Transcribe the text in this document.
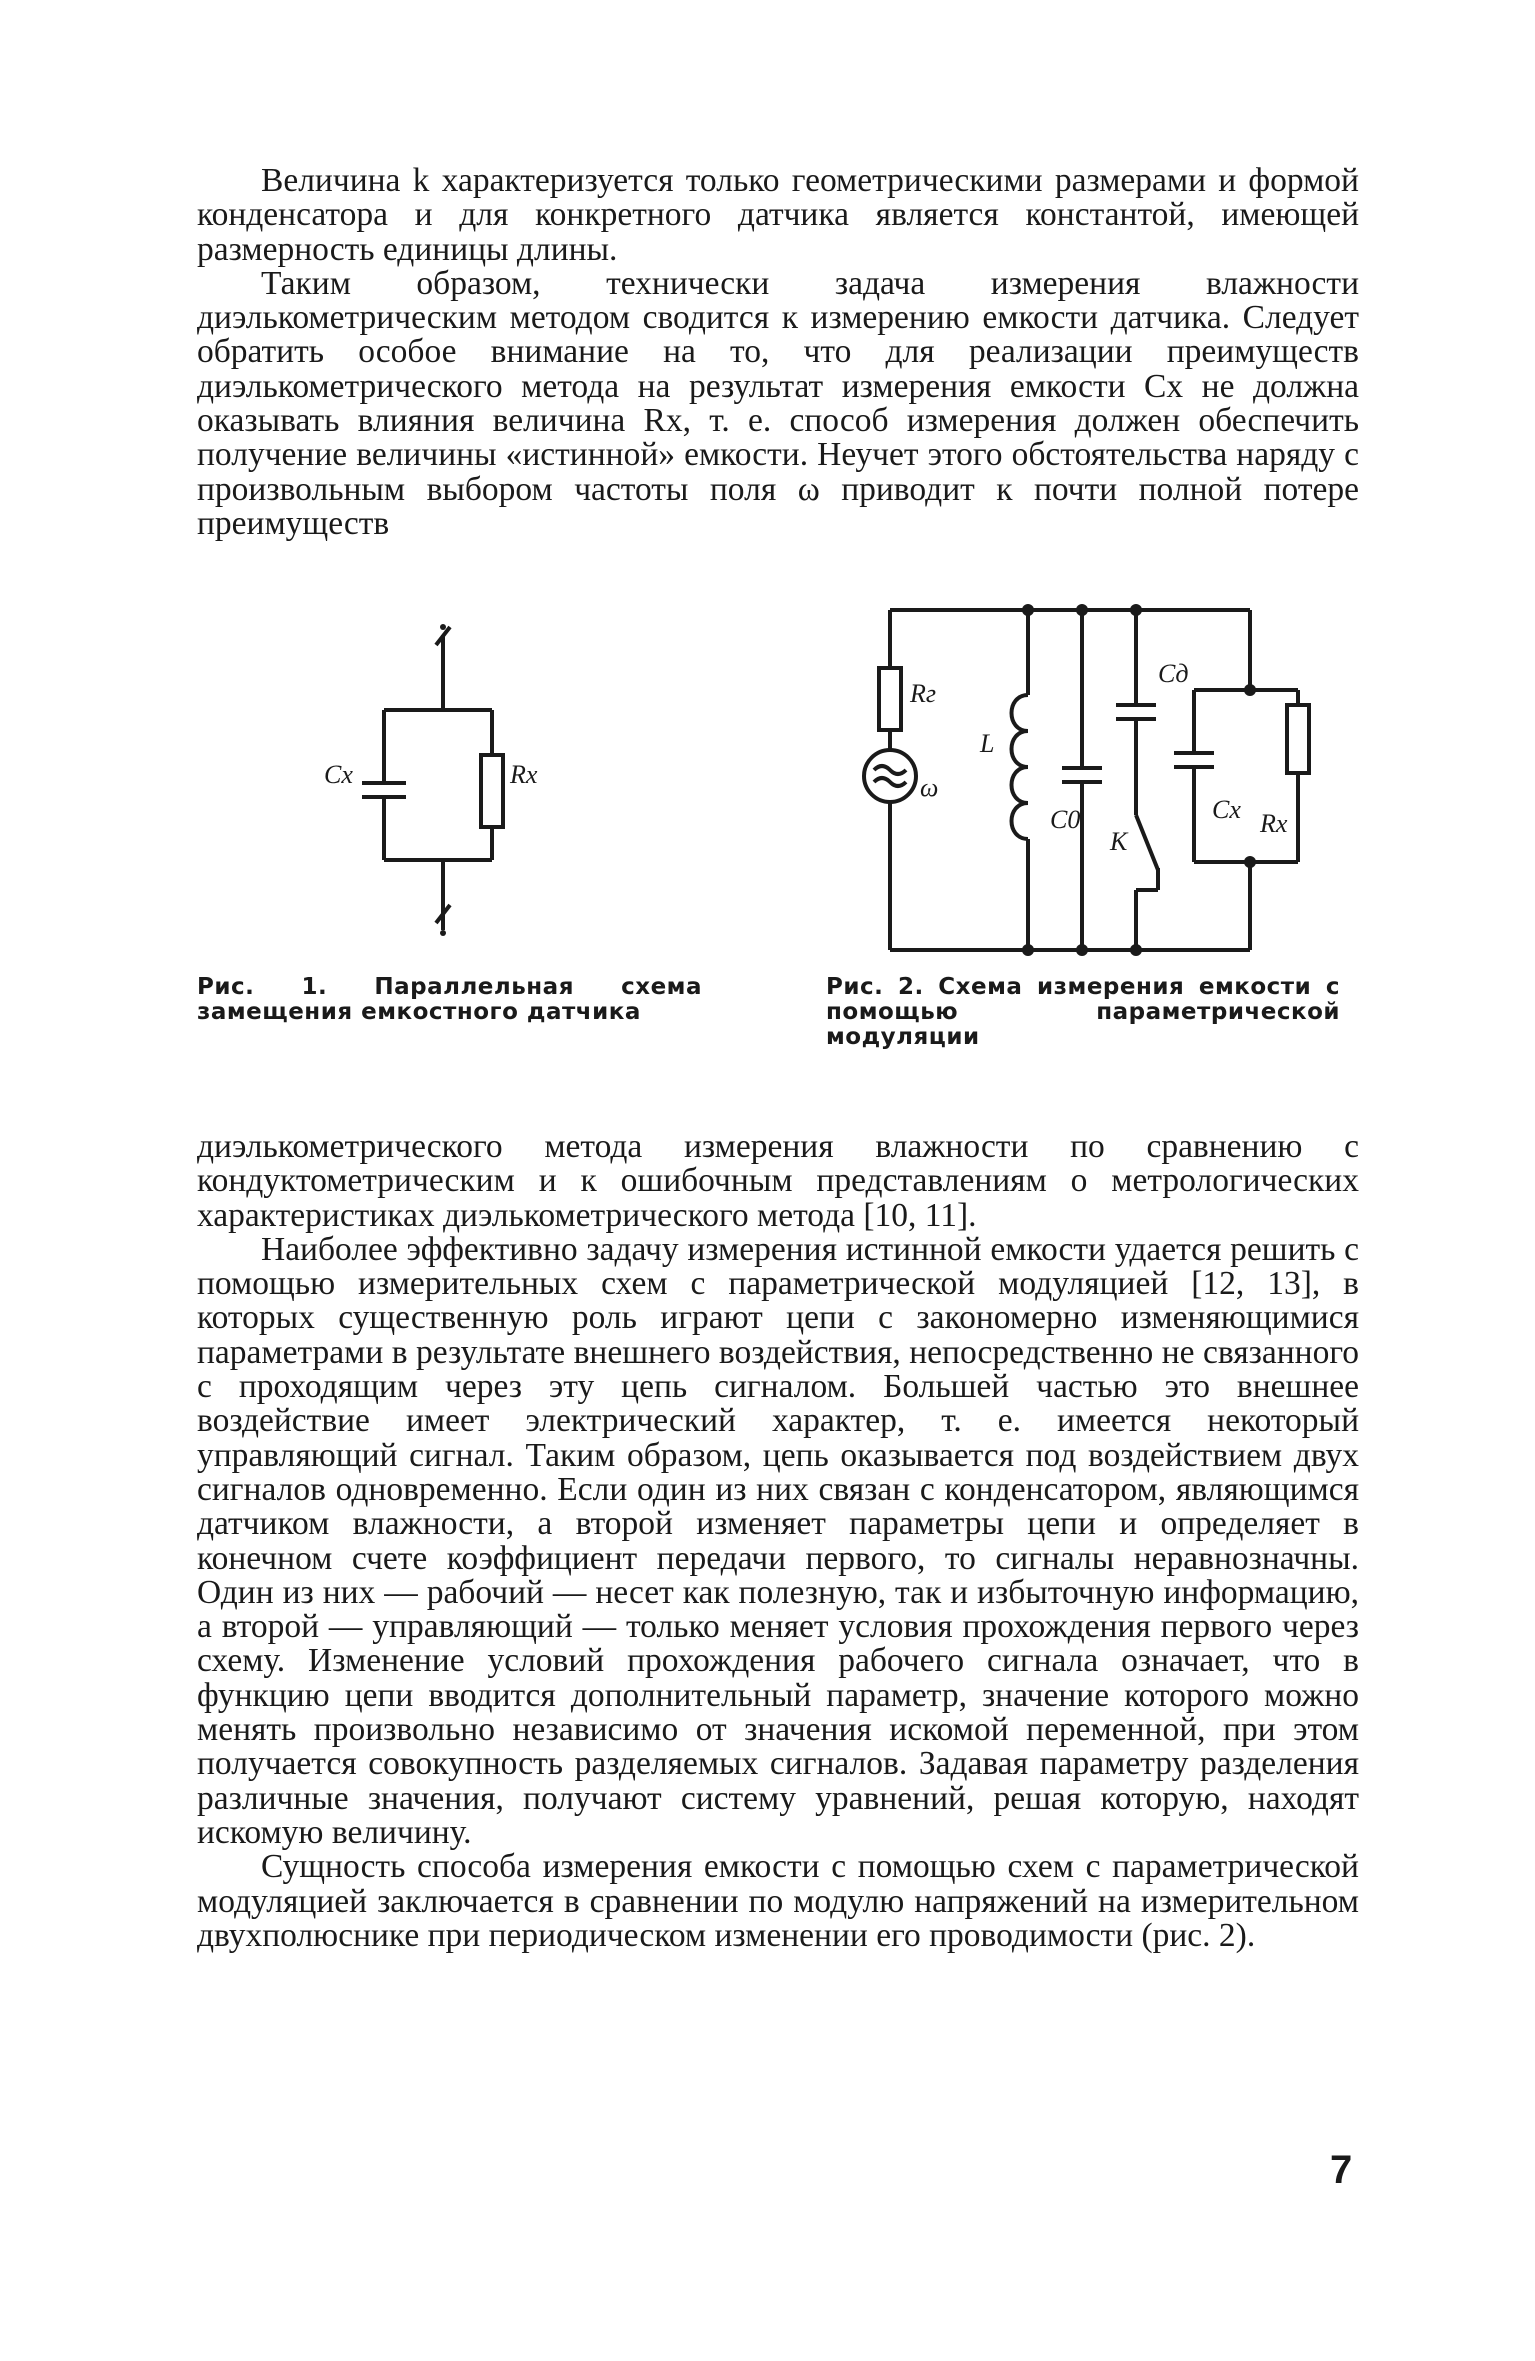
Величина k характеризуется только геометрическими размерами и формой конденсатора и для конкретного датчика является константой, имеющей размерность единицы длины.

Таким образом, технически задача измерения влажности диэлькометрическим методом сводится к измерению емкости датчика. Следует обратить особое внимание на то, что для реализации преимуществ диэлькометрического метода на результат измерения емкости Cx не должна оказывать влияния величина Rx, т. е. способ измерения должен обеспечить получение величины «истинной» емкости. Неучет этого обстоятельства наряду с произвольным выбором частоты поля ω приводит к почти полной потере преимуществ

Cx	Rx
Rг
ω
L
C0
Cд
К
Cx Rx
Рис. 1. Параллельная схема замещения емкостного датчика
Рис. 2. Схема измерения емкости с помощью параметрической модуляции

диэлькометрического метода измерения влажности по сравнению с кондуктометрическим и к ошибочным представлениям о метрологических характеристиках диэлькометрического метода [10, 11].

Наиболее эффективно задачу измерения истинной емкости удается решить с помощью измерительных схем с параметрической модуляцией [12, 13], в которых существенную роль играют цепи с закономерно изменяющимися параметрами в результате внешнего воздействия, непосредственно не связанного с проходящим через эту цепь сигналом. Большей частью это внешнее воздействие имеет электрический характер, т. е. имеется некоторый управляющий сигнал. Таким образом, цепь оказывается под воздействием двух сигналов одновременно. Если один из них связан с конденсатором, являющимся датчиком влажности, а второй изменяет параметры цепи и определяет в конечном счете коэффициент передачи первого, то сигналы неравнозначны. Один из них — рабочий — несет как полезную, так и избыточную информацию, а второй — управляющий — только меняет условия прохождения первого через схему. Изменение условий прохождения рабочего сигнала означает, что в функцию цепи вводится дополнительный параметр, значение которого можно менять произвольно независимо от значения искомой переменной, при этом получается совокупность разделяемых сигналов. Задавая параметру разделения различные значения, получают систему уравнений, решая которую, находят искомую величину.

Сущность способа измерения емкости с помощью схем с параметрической модуляцией заключается в сравнении по модулю напряжений на измерительном двухполюснике при периодическом изменении его проводимости (рис. 2).

7
